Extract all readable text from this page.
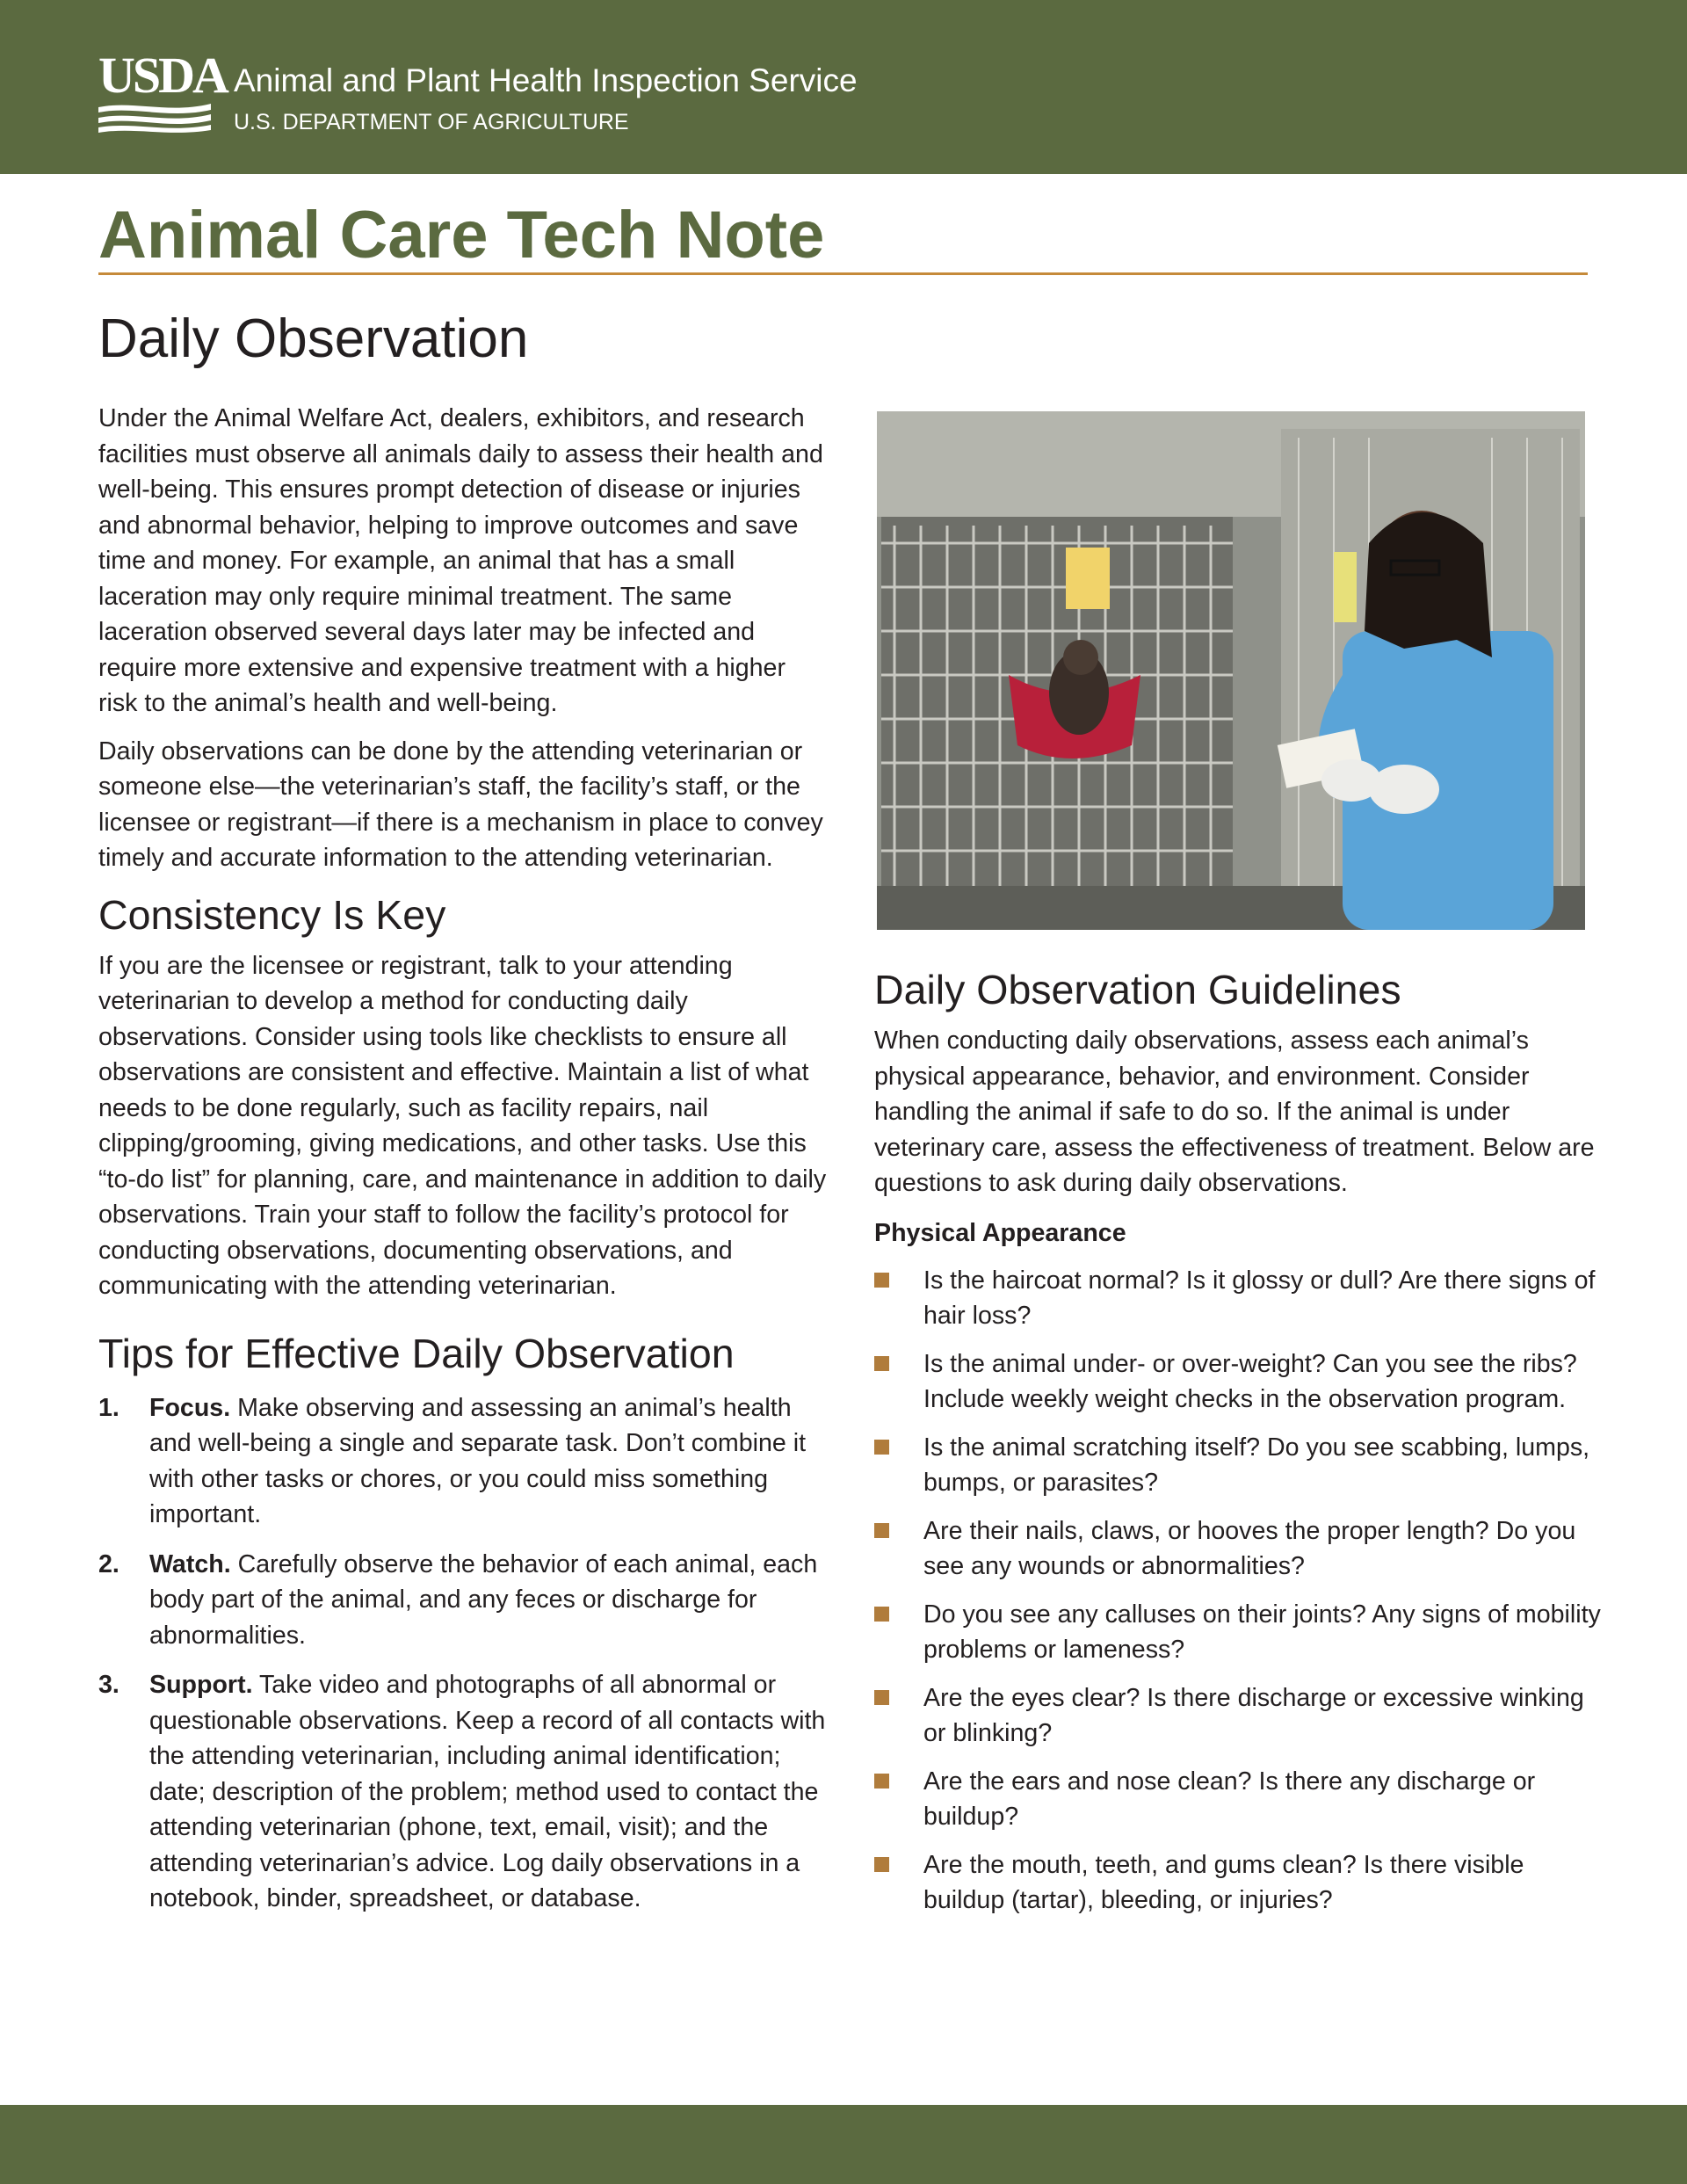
USDA Animal and Plant Health Inspection Service
U.S. DEPARTMENT OF AGRICULTURE
Animal Care Tech Note
Daily Observation

Under the Animal Welfare Act, dealers, exhibitors, and research facilities must observe all animals daily to assess their health and well-being. This ensures prompt detection of disease or injuries and abnormal behavior, helping to improve outcomes and save time and money. For example, an animal that has a small laceration may only require minimal treatment. The same laceration observed several days later may be infected and require more extensive and expensive treatment with a higher risk to the animal’s health and well-being.

Daily observations can be done by the attending veterinarian or someone else—the veterinarian’s staff, the facility’s staff, or the licensee or registrant—if there is a mechanism in place to convey timely and accurate information to the attending veterinarian.

Consistency Is Key

If you are the licensee or registrant, talk to your attending veterinarian to develop a method for conducting daily observations. Consider using tools like checklists to ensure all observations are consistent and effective. Maintain a list of what needs to be done regularly, such as facility repairs, nail clipping/grooming, giving medications, and other tasks. Use this “to-do list” for planning, care, and maintenance in addition to daily observations. Train your staff to follow the facility’s protocol for conducting observations, documenting observations, and communicating with the attending veterinarian.

Tips for Effective Daily Observation
1. Focus. Make observing and assessing an animal’s health and well-being a single and separate task. Don’t combine it with other tasks or chores, or you could miss something important.
2. Watch. Carefully observe the behavior of each animal, each body part of the animal, and any feces or discharge for abnormalities.
3. Support. Take video and photographs of all abnormal or questionable observations. Keep a record of all contacts with the attending veterinarian, including animal identification; date; description of the problem; method used to contact the attending veterinarian (phone, text, email, visit); and the attending veterinarian’s advice. Log daily observations in a notebook, binder, spreadsheet, or database.
Daily Observation Guidelines

When conducting daily observations, assess each animal’s physical appearance, behavior, and environment. Consider handling the animal if safe to do so. If the animal is under veterinary care, assess the effectiveness of treatment. Below are questions to ask during daily observations.

Physical Appearance
Is the haircoat normal? Is it glossy or dull? Are there signs of hair loss?
Is the animal under- or over-weight? Can you see the ribs? Include weekly weight checks in the observation program.
Is the animal scratching itself? Do you see scabbing, lumps, bumps, or parasites?
Are their nails, claws, or hooves the proper length? Do you see any wounds or abnormalities?
Do you see any calluses on their joints? Any signs of mobility problems or lameness?
Are the eyes clear? Is there discharge or excessive winking or blinking?
Are the ears and nose clean? Is there any discharge or buildup?
Are the mouth, teeth, and gums clean? Is there visible buildup (tartar), bleeding, or injuries?
